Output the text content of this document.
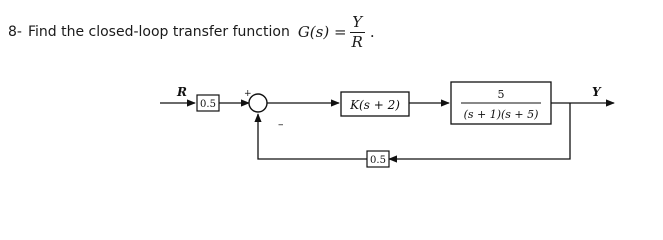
8- Find the closed-loop transfer function $G(s) = \frac{Y}{R}$ .
R
0.5
+
–
K(s + 2)
5
(s + 1)(s + 5)
Y
0.5
